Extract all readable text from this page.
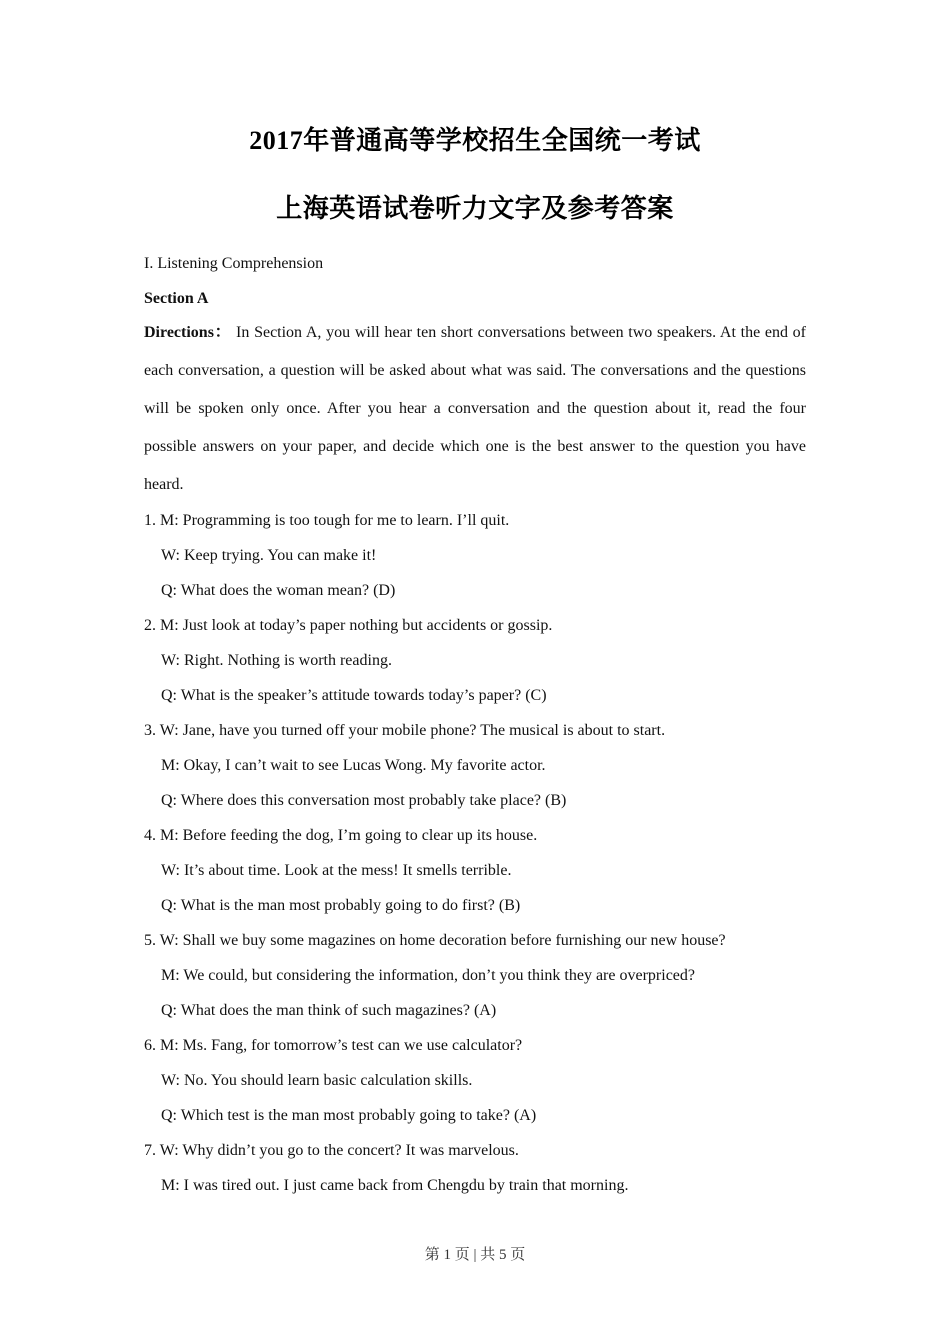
2017年普通高等学校招生全国统一考试
上海英语试卷听力文字及参考答案
I. Listening Comprehension
Section A
Directions： In Section A, you will hear ten short conversations between two speakers. At the end of each conversation, a question will be asked about what was said. The conversations and the questions will be spoken only once. After you hear a conversation and the question about it, read the four possible answers on your paper, and decide which one is the best answer to the question you have heard.
1. M: Programming is too tough for me to learn. I’ll quit.
W: Keep trying. You can make it!
Q: What does the woman mean? (D)
2. M: Just look at today’s paper nothing but accidents or gossip.
W: Right. Nothing is worth reading.
Q: What is the speaker’s attitude towards today’s paper? (C)
3. W: Jane, have you turned off your mobile phone? The musical is about to start.
M: Okay, I can’t wait to see Lucas Wong. My favorite actor.
Q: Where does this conversation most probably take place? (B)
4. M: Before feeding the dog, I’m going to clear up its house.
W: It’s about time. Look at the mess! It smells terrible.
Q: What is the man most probably going to do first? (B)
5. W: Shall we buy some magazines on home decoration before furnishing our new house?
M: We could, but considering the information, don’t you think they are overpriced?
Q: What does the man think of such magazines? (A)
6. M: Ms. Fang, for tomorrow’s test can we use calculator?
W: No. You should learn basic calculation skills.
Q: Which test is the man most probably going to take? (A)
7. W: Why didn’t you go to the concert? It was marvelous.
M: I was tired out. I just came back from Chengdu by train that morning.
第 1 页 | 共 5 页
